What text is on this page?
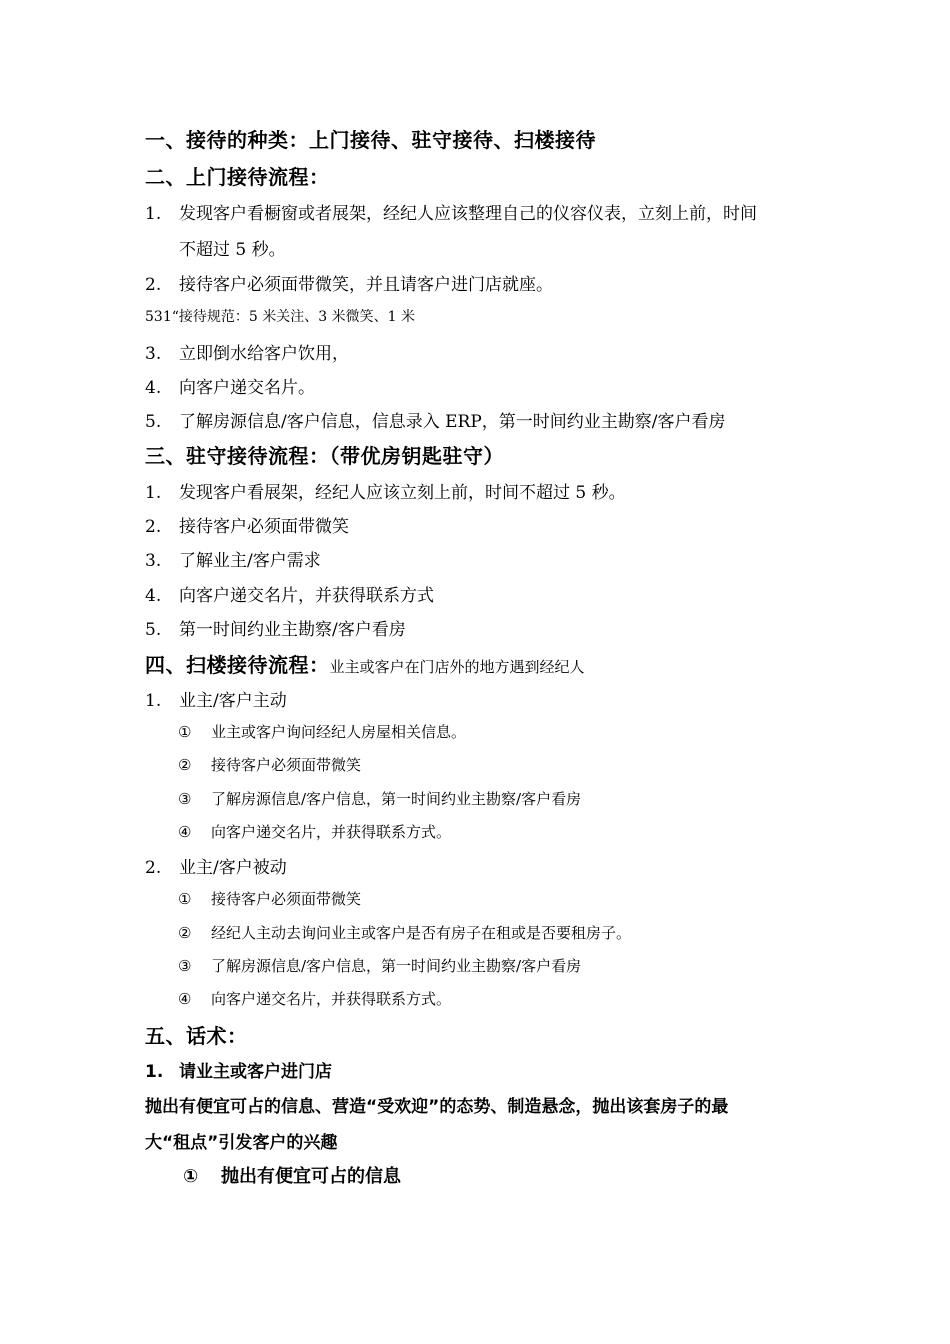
一、接待的种类：上门接待、驻守接待、扫楼接待
二、上门接待流程：
1. 发现客户看橱窗或者展架，经纪人应该整理自己的仪容仪表，立刻上前，时间
不超过 5 秒。
2. 接待客户必须面带微笑，并且请客户进门店就座。
531“接待规范：5 米关注、3 米微笑、1 米
3. 立即倒水给客户饮用，
4. 向客户递交名片。
5. 了解房源信息/客户信息，信息录入 ERP，第一时间约业主勘察/客户看房
三、驻守接待流程：（带优房钥匙驻守）
1. 发现客户看展架，经纪人应该立刻上前，时间不超过 5 秒。
2. 接待客户必须面带微笑
3. 了解业主/客户需求
4. 向客户递交名片，并获得联系方式
5. 第一时间约业主勘察/客户看房
四、扫楼接待流程：业主或客户在门店外的地方遇到经纪人
1. 业主/客户主动
① 业主或客户询问经纪人房屋相关信息。
② 接待客户必须面带微笑
③ 了解房源信息/客户信息，第一时间约业主勘察/客户看房
④ 向客户递交名片，并获得联系方式。
2. 业主/客户被动
① 接待客户必须面带微笑
② 经纪人主动去询问业主或客户是否有房子在租或是否要租房子。
③ 了解房源信息/客户信息，第一时间约业主勘察/客户看房
④ 向客户递交名片，并获得联系方式。
五、话术：
1. 请业主或客户进门店
抛出有便宜可占的信息、营造“受欢迎”的态势、制造悬念，抛出该套房子的最
大“租点”引发客户的兴趣
① 抛出有便宜可占的信息
